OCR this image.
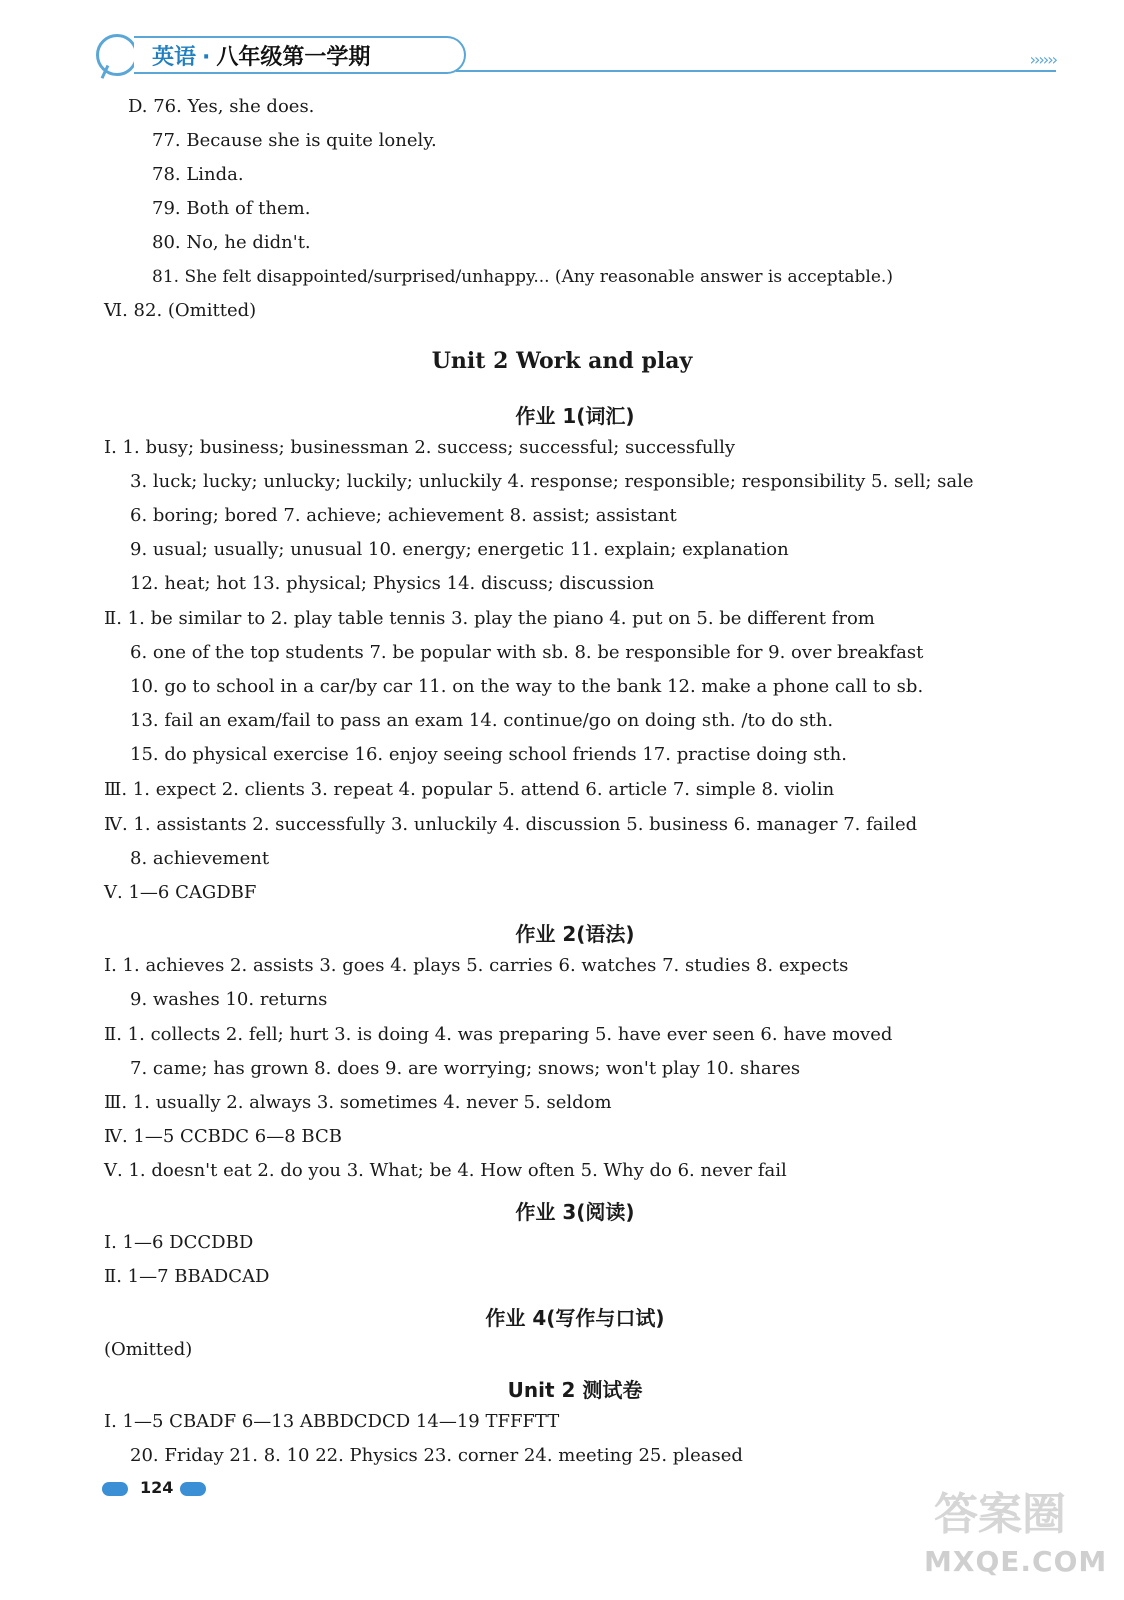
英语 · 八年级第一学期	››››››
D. 76. Yes, she does.
77. Because she is quite lonely.
78. Linda.
79. Both of them.
80. No, he didn't.
81. She felt disappointed/surprised/unhappy... (Any reasonable answer is acceptable.)
Ⅵ. 82. (Omitted)
Unit 2 Work and play
作业 1(词汇)
Ⅰ. 1. busy; business; businessman 2. success; successful; successfully
3. luck; lucky; unlucky; luckily; unluckily 4. response; responsible; responsibility 5. sell; sale
6. boring; bored 7. achieve; achievement 8. assist; assistant
9. usual; usually; unusual 10. energy; energetic 11. explain; explanation
12. heat; hot 13. physical; Physics 14. discuss; discussion
Ⅱ. 1. be similar to 2. play table tennis 3. play the piano 4. put on 5. be different from
6. one of the top students 7. be popular with sb. 8. be responsible for 9. over breakfast
10. go to school in a car/by car 11. on the way to the bank 12. make a phone call to sb.
13. fail an exam/fail to pass an exam 14. continue/go on doing sth. /to do sth.
15. do physical exercise 16. enjoy seeing school friends 17. practise doing sth.
Ⅲ. 1. expect 2. clients 3. repeat 4. popular 5. attend 6. article 7. simple 8. violin
Ⅳ. 1. assistants 2. successfully 3. unluckily 4. discussion 5. business 6. manager 7. failed
8. achievement
Ⅴ. 1—6 CAGDBF
作业 2(语法)
Ⅰ. 1. achieves 2. assists 3. goes 4. plays 5. carries 6. watches 7. studies 8. expects
9. washes 10. returns
Ⅱ. 1. collects 2. fell; hurt 3. is doing 4. was preparing 5. have ever seen 6. have moved
7. came; has grown 8. does 9. are worrying; snows; won't play 10. shares
Ⅲ. 1. usually 2. always 3. sometimes 4. never 5. seldom
Ⅳ. 1—5 CCBDC 6—8 BCB
Ⅴ. 1. doesn't eat 2. do you 3. What; be 4. How often 5. Why do 6. never fail
作业 3(阅读)
Ⅰ. 1—6 DCCDBD
Ⅱ. 1—7 BBADCAD
作业 4(写作与口试)
(Omitted)
Unit 2 测试卷
Ⅰ. 1—5 CBADF 6—13 ABBDCDCD 14—19 TFFFTT
20. Friday 21. 8. 10 22. Physics 23. corner 24. meeting 25. pleased
124
答案圈
MXQE.COM
